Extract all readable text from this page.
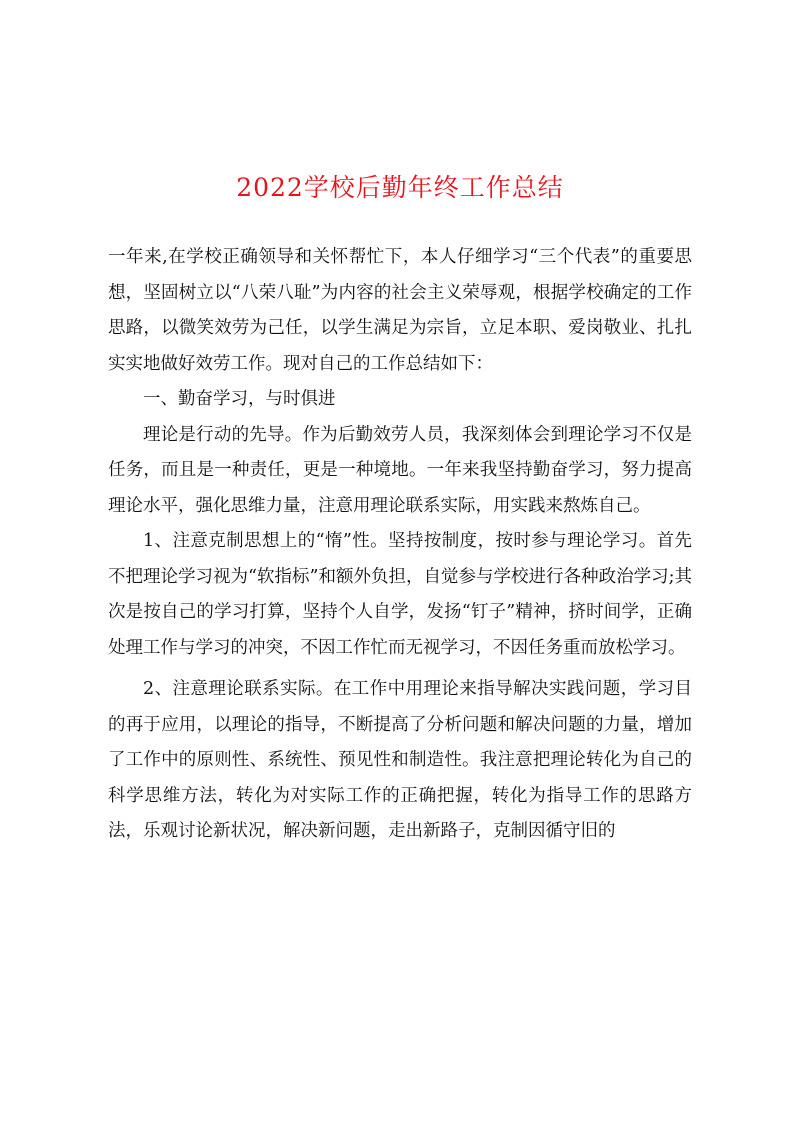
2022学校后勤年终工作总结

一年来,在学校正确领导和关怀帮忙下，本人仔细学习“三个代表”的重要思想，坚固树立以“八荣八耻”为内容的社会主义荣辱观，根据学校确定的工作思路，以微笑效劳为己任，以学生满足为宗旨，立足本职、爱岗敬业、扎扎实实地做好效劳工作。现对自己的工作总结如下：

一、勤奋学习，与时俱进

理论是行动的先导。作为后勤效劳人员，我深刻体会到理论学习不仅是任务，而且是一种责任，更是一种境地。一年来我坚持勤奋学习，努力提高理论水平，强化思维力量，注意用理论联系实际，用实践来熬炼自己。

1、注意克制思想上的“惰”性。坚持按制度，按时参与理论学习。首先不把理论学习视为“软指标”和额外负担，自觉参与学校进行各种政治学习;其次是按自己的学习打算，坚持个人自学，发扬“钉子”精神，挤时间学，正确处理工作与学习的冲突，不因工作忙而无视学习，不因任务重而放松学习。

2、注意理论联系实际。在工作中用理论来指导解决实践问题，学习目的再于应用，以理论的指导，不断提高了分析问题和解决问题的力量，增加了工作中的原则性、系统性、预见性和制造性。我注意把理论转化为自己的科学思维方法，转化为对实际工作的正确把握，转化为指导工作的思路方法，乐观讨论新状况，解决新问题，走出新路子，克制因循守旧的
